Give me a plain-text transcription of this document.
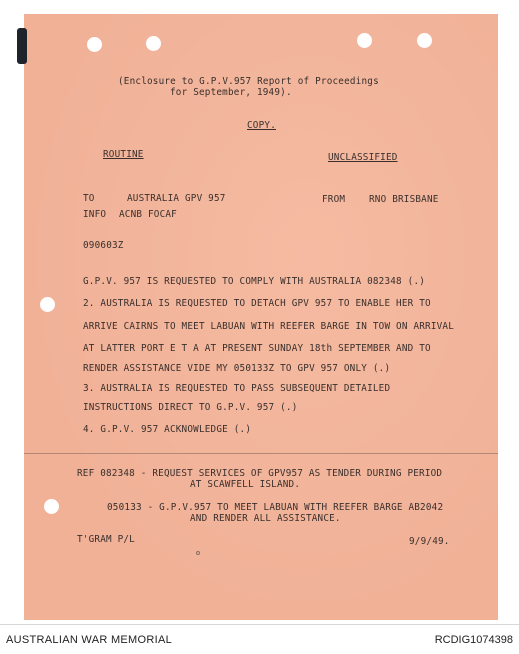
(Enclosure to G.P.V.957 Report of Proceedings
for September, 1949).
COPY.
ROUTINE	UNCLASSIFIED
TO	AUSTRALIA GPV 957	FROM	RNO BRISBANE
INFO ACNB FOCAF
090603Z
G.P.V. 957 IS REQUESTED TO COMPLY WITH AUSTRALIA 082348 (.)
2. AUSTRALIA IS REQUESTED TO DETACH GPV 957 TO ENABLE HER TO
ARRIVE CAIRNS TO MEET LABUAN WITH REEFER BARGE IN TOW ON ARRIVAL
AT LATTER PORT E T A AT PRESENT SUNDAY 18th SEPTEMBER AND TO
RENDER ASSISTANCE VIDE MY 050133Z TO GPV 957 ONLY (.)
3. AUSTRALIA IS REQUESTED TO PASS SUBSEQUENT DETAILED
INSTRUCTIONS DIRECT TO G.P.V. 957 (.)
4. G.P.V. 957 ACKNOWLEDGE (.)
REF 082348 - REQUEST SERVICES OF GPV957 AS TENDER DURING PERIOD
AT SCAWFELL ISLAND.
050133 - G.P.V.957 TO MEET LABUAN WITH REEFER BARGE AB2042
AND RENDER ALL ASSISTANCE.
T'GRAM P/L	9/9/49.
AUSTRALIAN WAR MEMORIAL	RCDIG1074398
